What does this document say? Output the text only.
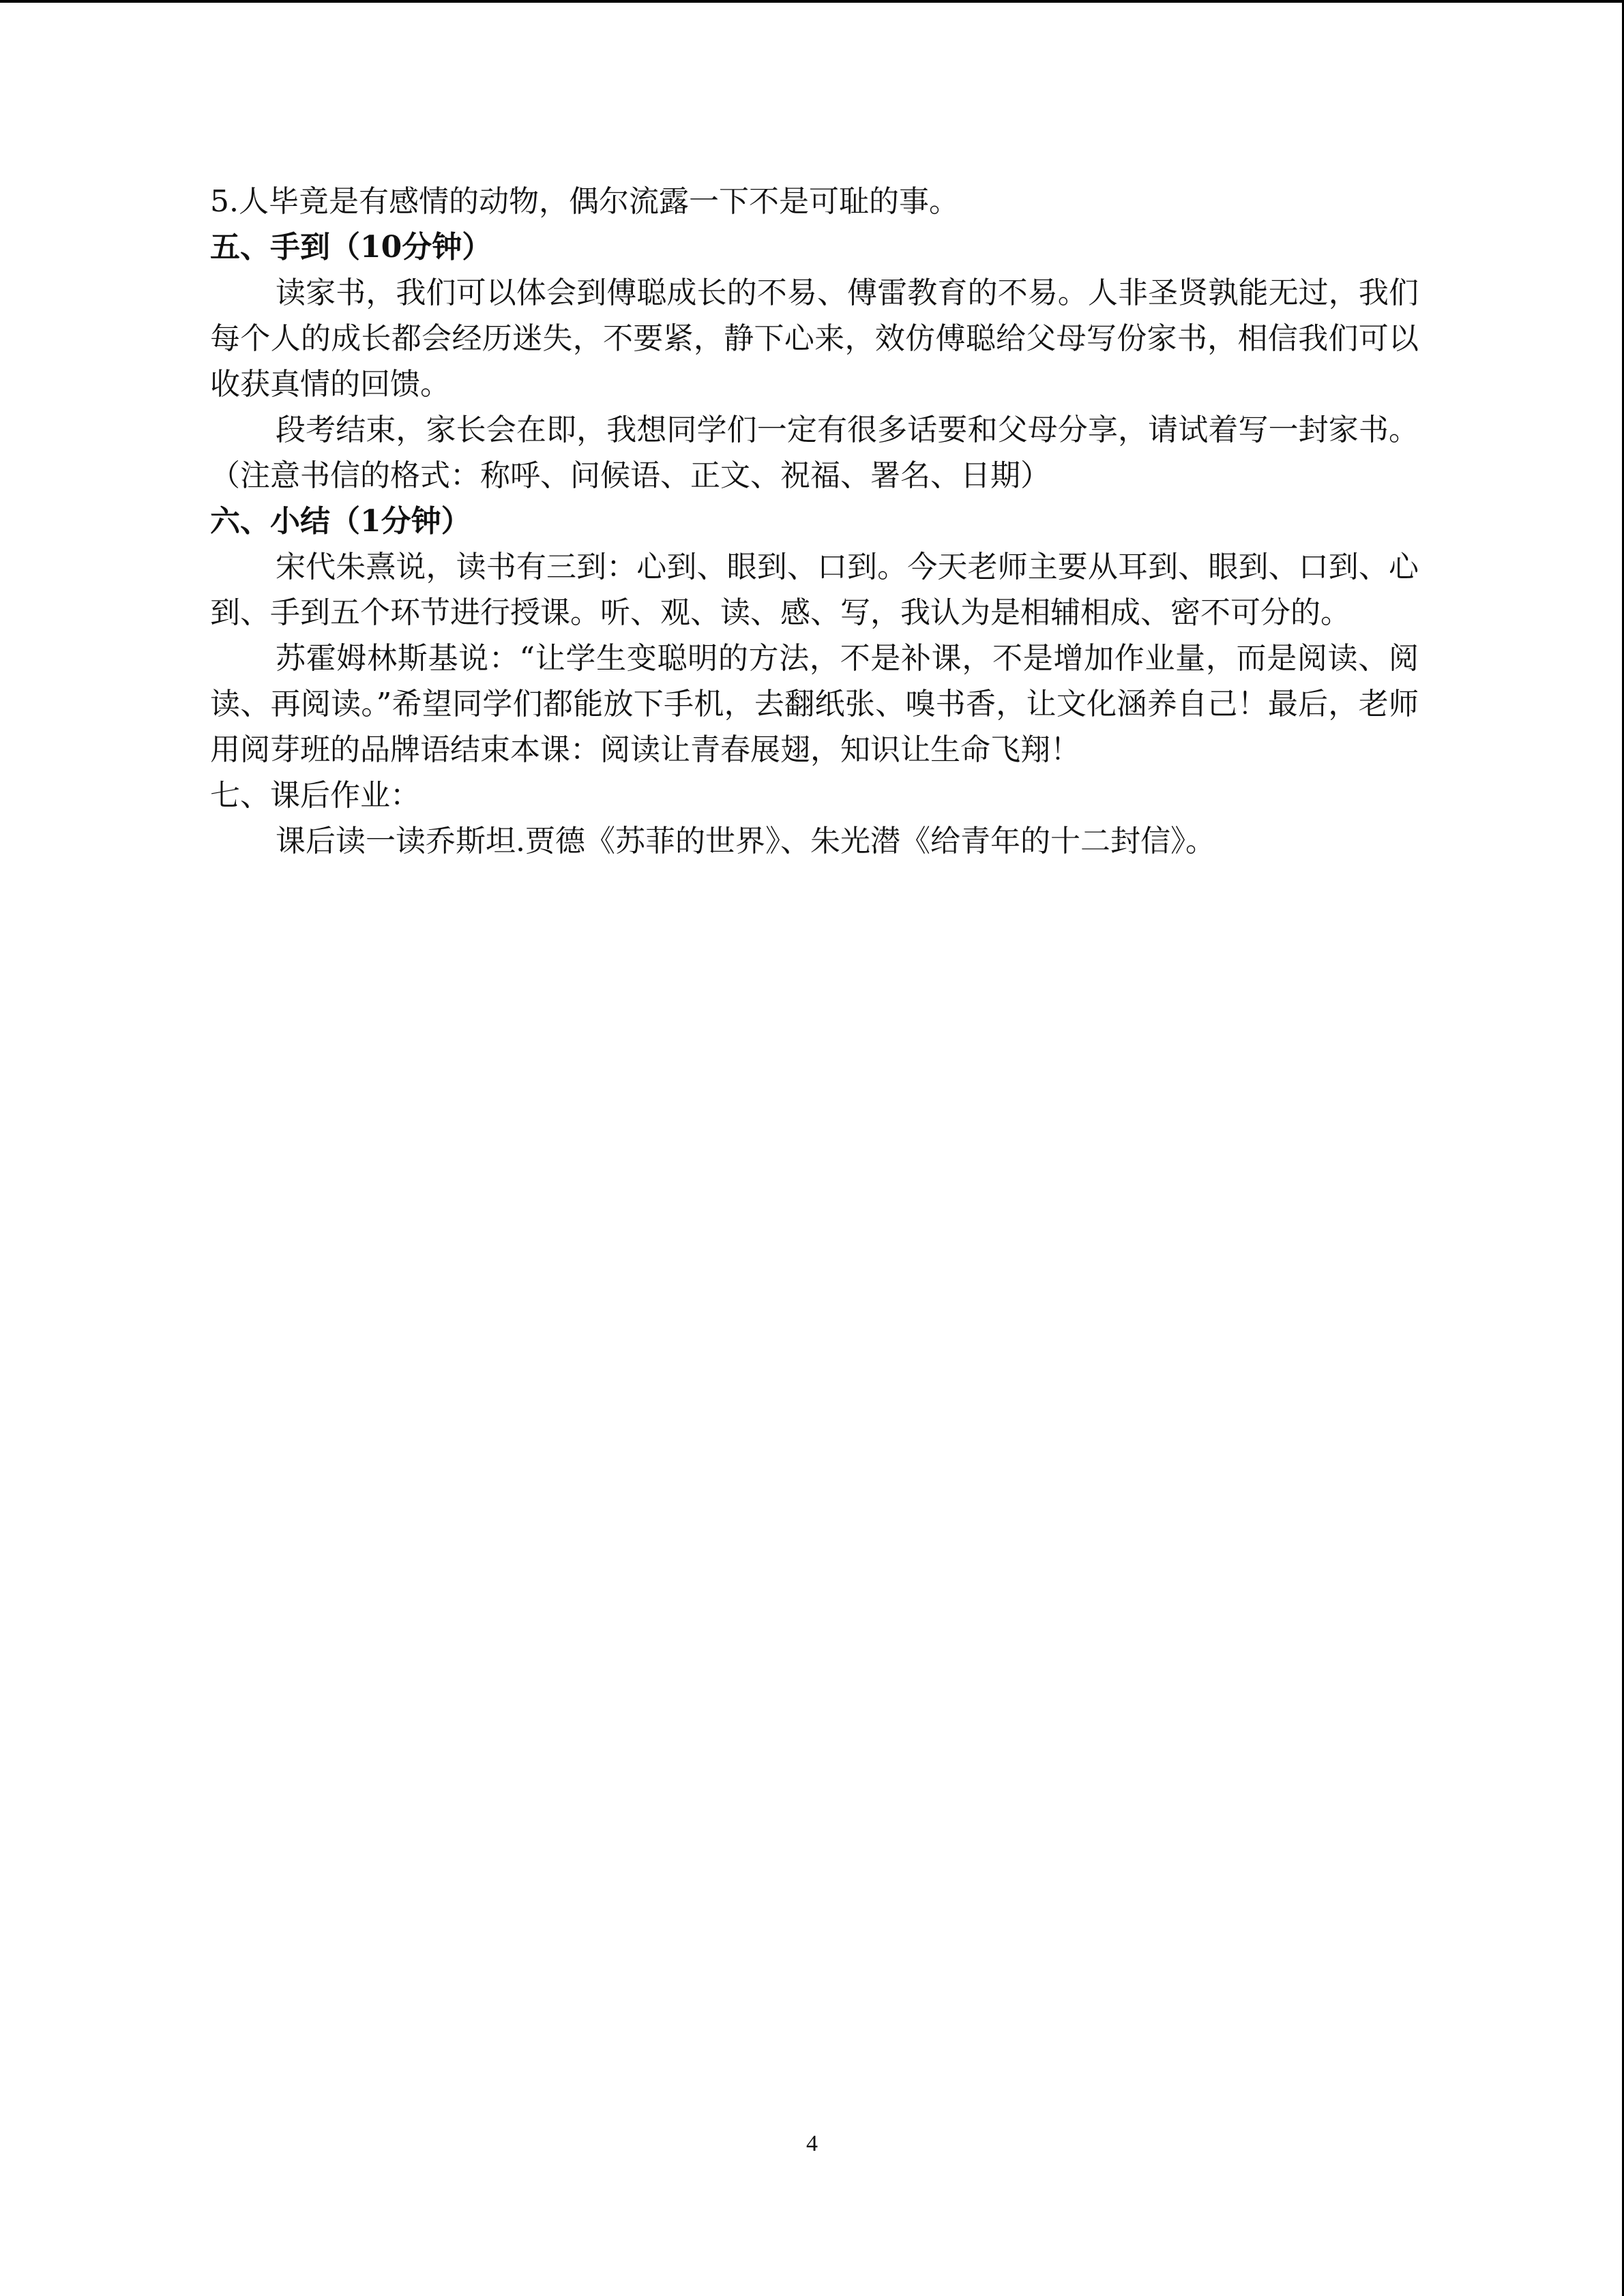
5.人毕竟是有感情的动物，偶尔流露一下不是可耻的事。

五、手到（10分钟）

读家书，我们可以体会到傅聪成长的不易、傅雷教育的不易。人非圣贤孰能无过，我们每个人的成长都会经历迷失，不要紧，静下心来，效仿傅聪给父母写份家书，相信我们可以收获真情的回馈。

段考结束，家长会在即，我想同学们一定有很多话要和父母分享，请试着写一封家书。（注意书信的格式：称呼、问候语、正文、祝福、署名、日期）

六、小结（1分钟）

宋代朱熹说，读书有三到：心到、眼到、口到。今天老师主要从耳到、眼到、口到、心到、手到五个环节进行授课。听、观、读、感、写，我认为是相辅相成、密不可分的。

苏霍姆林斯基说：“让学生变聪明的方法，不是补课，不是增加作业量，而是阅读、阅读、再阅读。”希望同学们都能放下手机，去翻纸张、嗅书香，让文化涵养自己！最后，老师用阅芽班的品牌语结束本课：阅读让青春展翅，知识让生命飞翔！

七、课后作业：

课后读一读乔斯坦.贾德《苏菲的世界》、朱光潜《给青年的十二封信》。

4
